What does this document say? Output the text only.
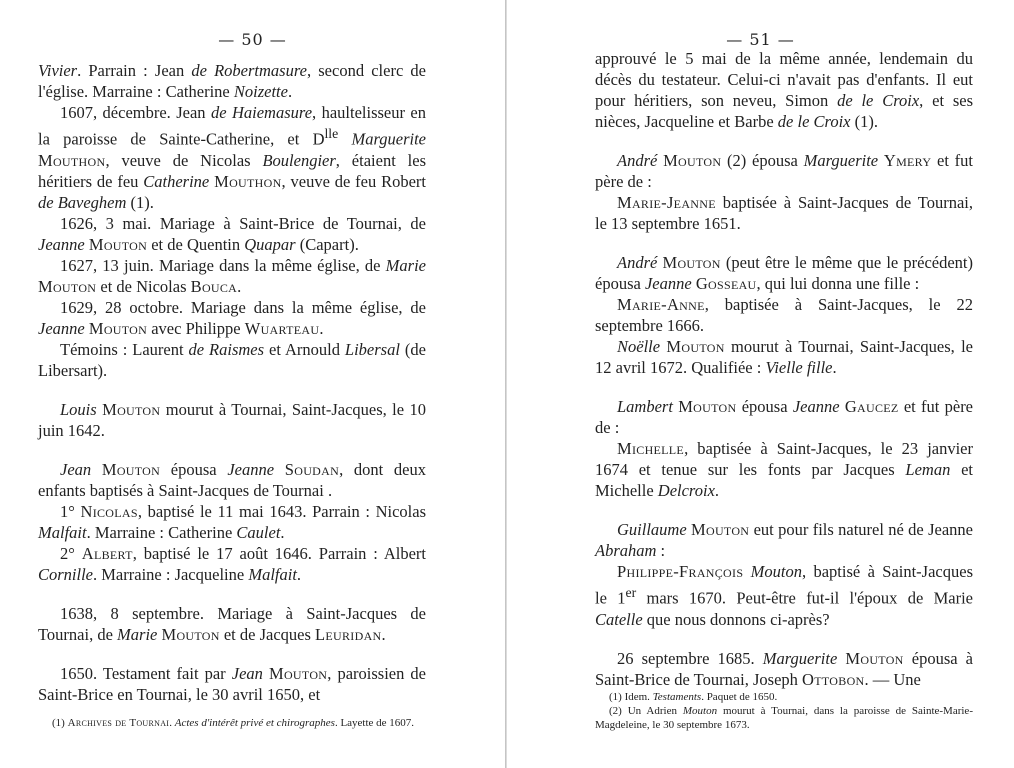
— 50 —

Vivier. Parrain : Jean de Robertmasure, second clerc de l'église. Marraine : Catherine Noizette.

1607, décembre. Jean de Haiemasure, haultelisseur en la paroisse de Sainte-Catherine, et $D^{lle}$ Marguerite Mouthon, veuve de Nicolas Boulengier, étaient les héritiers de feu Catherine Mouthon, veuve de feu Robert de Baveghem (1).

1626, 3 mai. Mariage à Saint-Brice de Tournai, de Jeanne Mouton et de Quentin Quapar (Capart).

1627, 13 juin. Mariage dans la même église, de Marie Mouton et de Nicolas Bouca.

1629, 28 octobre. Mariage dans la même église, de Jeanne Mouton avec Philippe Wuarteau.

Témoins : Laurent de Raismes et Arnould Libersal (de Libersart).

Louis Mouton mourut à Tournai, Saint-Jacques, le 10 juin 1642.

Jean Mouton épousa Jeanne Soudan, dont deux enfants baptisés à Saint-Jacques de Tournai .

1° Nicolas, baptisé le 11 mai 1643. Parrain : Nicolas Malfait. Marraine : Catherine Caulet.

2° Albert, baptisé le 17 août 1646. Parrain : Albert Cornille. Marraine : Jacqueline Malfait.

1638, 8 septembre. Mariage à Saint-Jacques de Tournai, de Marie Mouton et de Jacques Leuridan.

1650. Testament fait par Jean Mouton, paroissien de Saint-Brice en Tournai, le 30 avril 1650, et

(1) Archives de Tournai. Actes d'intérêt privé et chirographes. Layette de 1607.

— 51 —

approuvé le 5 mai de la même année, lendemain du décès du testateur. Celui-ci n'avait pas d'enfants. Il eut pour héritiers, son neveu, Simon de le Croix, et ses nièces, Jacqueline et Barbe de le Croix (1).

André Mouton (2) épousa Marguerite Ymery et fut père de :

Marie-Jeanne baptisée à Saint-Jacques de Tournai, le 13 septembre 1651.

André Mouton (peut être le même que le précédent) épousa Jeanne Gosseau, qui lui donna une fille :

Marie-Anne, baptisée à Saint-Jacques, le 22 septembre 1666.

Noëlle Mouton mourut à Tournai, Saint-Jacques, le 12 avril 1672. Qualifiée : Vielle fille.

Lambert Mouton épousa Jeanne Gaucez et fut père de :

Michelle, baptisée à Saint-Jacques, le 23 janvier 1674 et tenue sur les fonts par Jacques Leman et Michelle Delcroix.

Guillaume Mouton eut pour fils naturel né de Jeanne Abraham :

Philippe-François Mouton, baptisé à Saint-Jacques le 1er mars 1670. Peut-être fut-il l'époux de Marie Catelle que nous donnons ci-après?

26 septembre 1685. Marguerite Mouton épousa à Saint-Brice de Tournai, Joseph Ottobon. — Une

(1) Idem. Testaments. Paquet de 1650.

(2) Un Adrien Mouton mourut à Tournai, dans la paroisse de Sainte-Marie-Magdeleine, le 30 septembre 1673.
